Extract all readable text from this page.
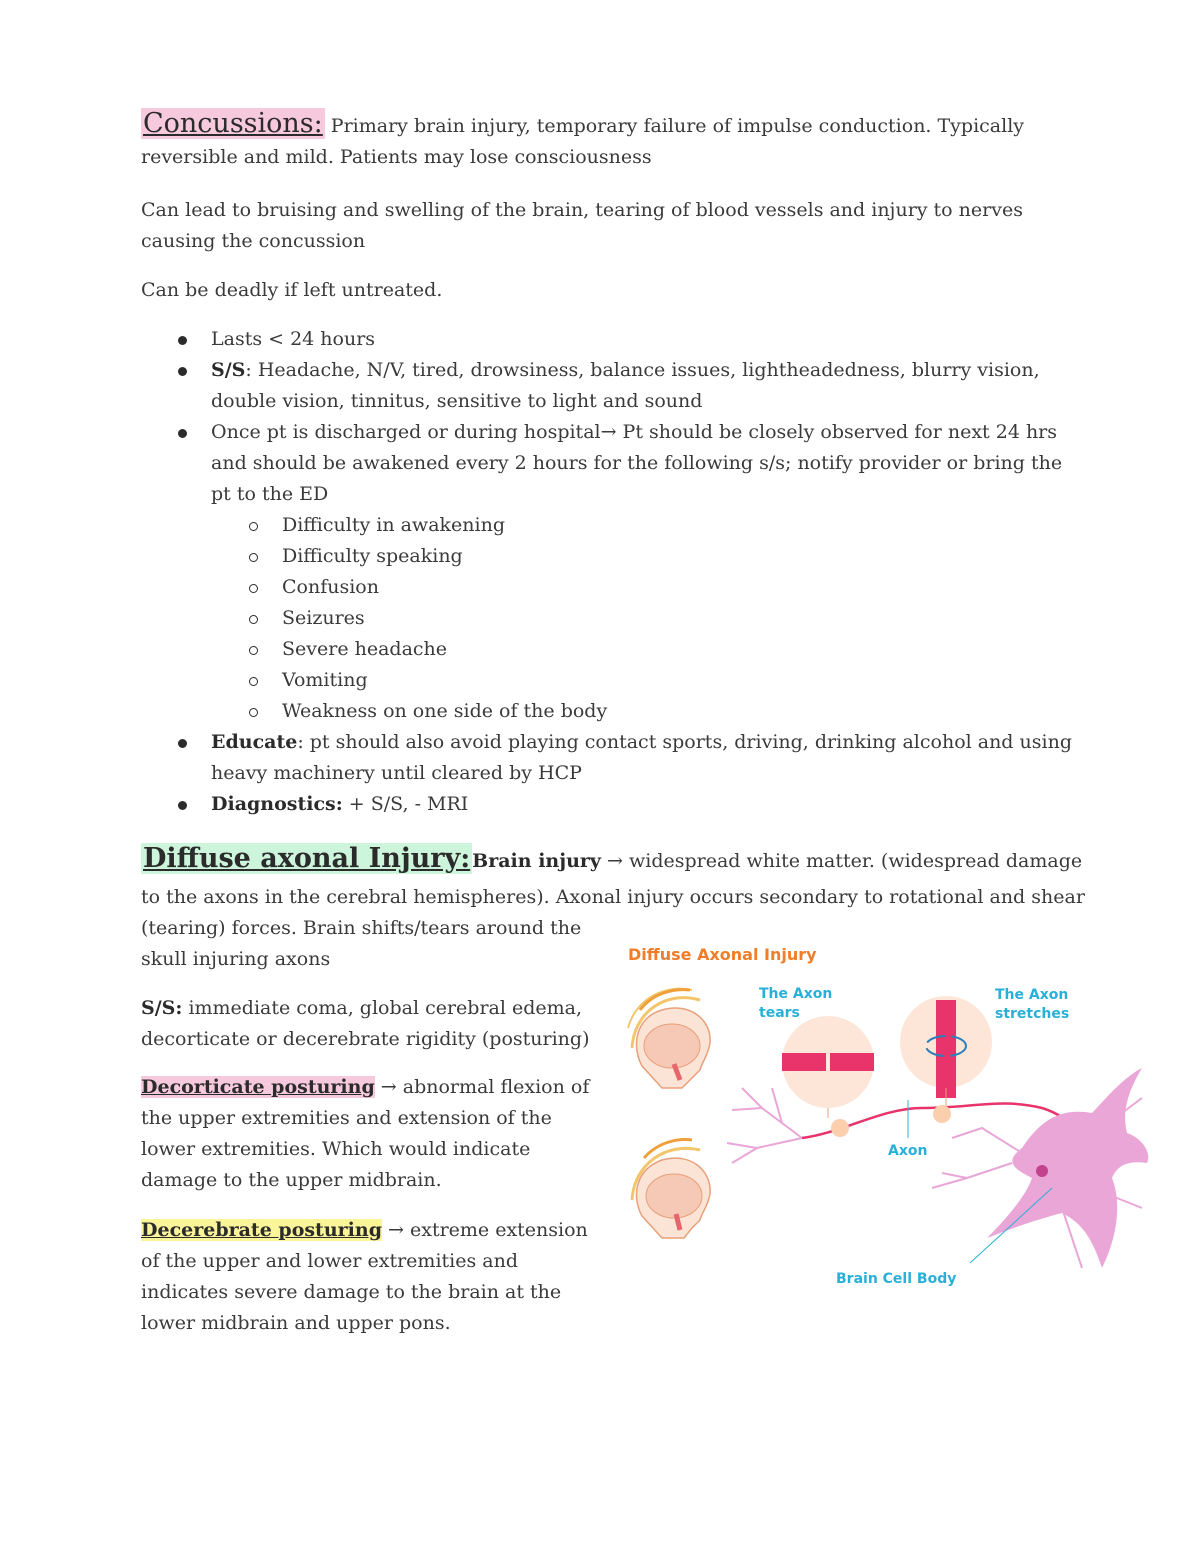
Concussions: Primary brain injury, temporary failure of impulse conduction. Typically reversible and mild. Patients may lose consciousness
Can lead to bruising and swelling of the brain, tearing of blood vessels and injury to nerves causing the concussion
Can be deadly if left untreated.
Lasts < 24 hours
S/S: Headache, N/V, tired, drowsiness, balance issues, lightheadedness, blurry vision, double vision, tinnitus, sensitive to light and sound
Once pt is discharged or during hospital→ Pt should be closely observed for next 24 hrs and should be awakened every 2 hours for the following s/s; notify provider or bring the pt to the ED
Difficulty in awakening
Difficulty speaking
Confusion
Seizures
Severe headache
Vomiting
Weakness on one side of the body
Educate: pt should also avoid playing contact sports, driving, drinking alcohol and using heavy machinery until cleared by HCP
Diagnostics: + S/S, - MRI
Diffuse axonal Injury: Brain injury → widespread white matter. (widespread damage
to the axons in the cerebral hemispheres). Axonal injury occurs secondary to rotational and shear
(tearing) forces. Brain shifts/tears around the
skull injuring axons
S/S: immediate coma, global cerebral edema, decorticate or decerebrate rigidity (posturing)
Decorticate posturing → abnormal flexion of the upper extremities and extension of the lower extremities. Which would indicate damage to the upper midbrain.
Decerebrate posturing → extreme extension of the upper and lower extremities and indicates severe damage to the brain at the lower midbrain and upper pons.
Diffuse Axonal Injury
|
The Axon
tears
The Axon
stretches
Axon
Brain Cell Body
